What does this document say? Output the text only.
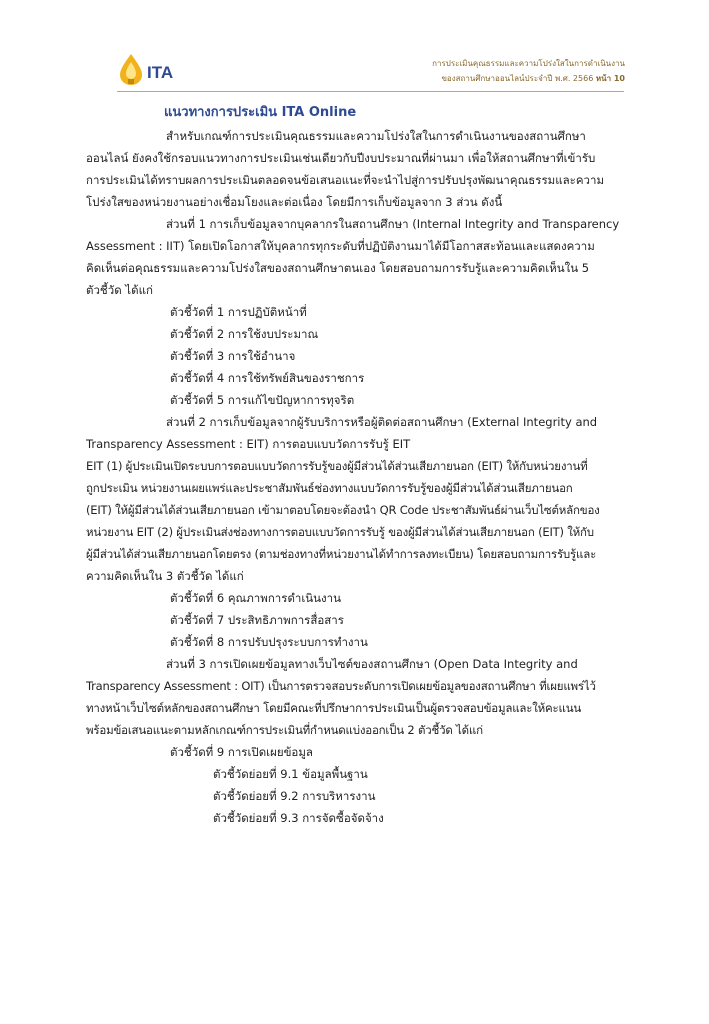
ITA	การประเมินคุณธรรมและความโปร่งใสในการดำเนินงาน
ของสถานศึกษาออนไลน์ประจำปี พ.ศ. 2566 หน้า 10
แนวทางการประเมิน ITA Online

สำหรับเกณฑ์การประเมินคุณธรรมและความโปร่งใสในการดำเนินงานของสถานศึกษา

ออนไลน์ ยังคงใช้กรอบแนวทางการประเมินเช่นเดียวกับปีงบประมาณที่ผ่านมา เพื่อให้สถานศึกษาที่เข้ารับ

การประเมินได้ทราบผลการประเมินตลอดจนข้อเสนอแนะที่จะนำไปสู่การปรับปรุงพัฒนาคุณธรรมและความ

โปร่งใสของหน่วยงานอย่างเชื่อมโยงและต่อเนื่อง โดยมีการเก็บข้อมูลจาก 3 ส่วน ดังนี้

ส่วนที่ 1 การเก็บข้อมูลจากบุคลากรในสถานศึกษา (Internal Integrity and Transparency

Assessment : IIT) โดยเปิดโอกาสให้บุคลากรทุกระดับที่ปฏิบัติงานมาได้มีโอกาสสะท้อนและแสดงความ

คิดเห็นต่อคุณธรรมและความโปร่งใสของสถานศึกษาตนเอง โดยสอบถามการรับรู้และความคิดเห็นใน 5

ตัวชี้วัด ได้แก่

ตัวชี้วัดที่ 1 การปฏิบัติหน้าที่

ตัวชี้วัดที่ 2 การใช้งบประมาณ

ตัวชี้วัดที่ 3 การใช้อำนาจ

ตัวชี้วัดที่ 4 การใช้ทรัพย์สินของราชการ

ตัวชี้วัดที่ 5 การแก้ไขปัญหาการทุจริต

ส่วนที่ 2 การเก็บข้อมูลจากผู้รับบริการหรือผู้ติดต่อสถานศึกษา (External Integrity and

Transparency Assessment : EIT) การตอบแบบวัดการรับรู้ EIT

EIT (1) ผู้ประเมินเปิดระบบการตอบแบบวัดการรับรู้ของผู้มีส่วนได้ส่วนเสียภายนอก (EIT) ให้กับหน่วยงานที่

ถูกประเมิน หน่วยงานเผยแพร่และประชาสัมพันธ์ช่องทางแบบวัดการรับรู้ของผู้มีส่วนได้ส่วนเสียภายนอก

(EIT) ให้ผู้มีส่วนได้ส่วนเสียภายนอก เข้ามาตอบโดยจะต้องนำ QR Code ประชาสัมพันธ์ผ่านเว็บไซต์หลักของ

หน่วยงาน EIT (2) ผู้ประเมินส่งช่องทางการตอบแบบวัดการรับรู้ ของผู้มีส่วนได้ส่วนเสียภายนอก (EIT) ให้กับ

ผู้มีส่วนได้ส่วนเสียภายนอกโดยตรง (ตามช่องทางที่หน่วยงานได้ทำการลงทะเบียน) โดยสอบถามการรับรู้และ

ความคิดเห็นใน 3 ตัวชี้วัด ได้แก่

ตัวชี้วัดที่ 6 คุณภาพการดำเนินงาน

ตัวชี้วัดที่ 7 ประสิทธิภาพการสื่อสาร

ตัวชี้วัดที่ 8 การปรับปรุงระบบการทำงาน

ส่วนที่ 3 การเปิดเผยข้อมูลทางเว็บไซต์ของสถานศึกษา (Open Data Integrity and

Transparency Assessment : OIT) เป็นการตรวจสอบระดับการเปิดเผยข้อมูลของสถานศึกษา ที่เผยแพร่ไว้

ทางหน้าเว็บไซต์หลักของสถานศึกษา โดยมีคณะที่ปรึกษาการประเมินเป็นผู้ตรวจสอบข้อมูลและให้คะแนน

พร้อมข้อเสนอแนะตามหลักเกณฑ์การประเมินที่กำหนดแบ่งออกเป็น 2 ตัวชี้วัด ได้แก่

ตัวชี้วัดที่ 9 การเปิดเผยข้อมูล

ตัวชี้วัดย่อยที่ 9.1 ข้อมูลพื้นฐาน

ตัวชี้วัดย่อยที่ 9.2 การบริหารงาน

ตัวชี้วัดย่อยที่ 9.3 การจัดซื้อจัดจ้าง
